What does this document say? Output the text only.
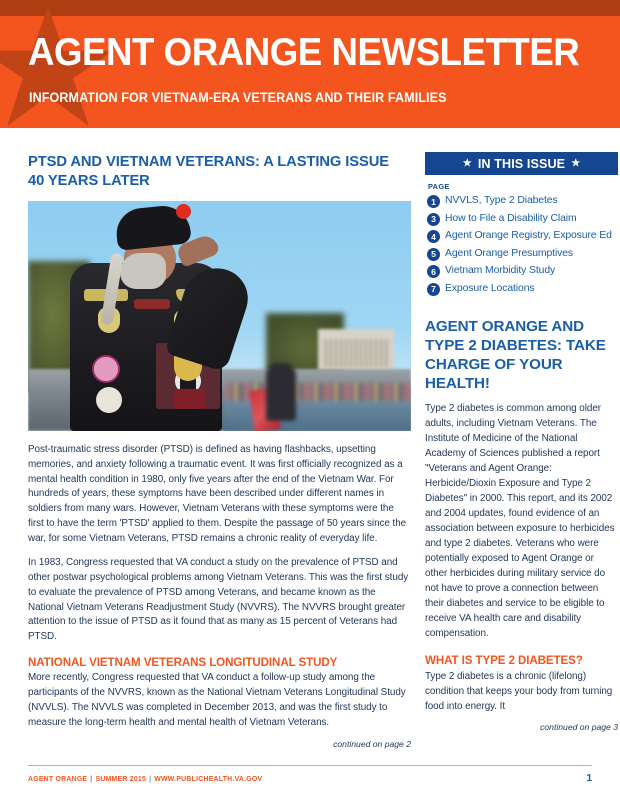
AGENT ORANGE NEWSLETTER
INFORMATION FOR VIETNAM-ERA VETERANS AND THEIR FAMILIES
PTSD AND VIETNAM VETERANS: A LASTING ISSUE 40 YEARS LATER

Post-traumatic stress disorder (PTSD) is defined as having flashbacks, upsetting memories, and anxiety following a traumatic event. It was first officially recognized as a mental health condition in 1980, only five years after the end of the Vietnam War. For hundreds of years, these symptoms have been described under different names in soldiers from many wars. However, Vietnam Veterans with these symptoms were the first to have the term 'PTSD' applied to them. Despite the passage of 50 years since the war, for some Vietnam Veterans, PTSD remains a chronic reality of everyday life.

In 1983, Congress requested that VA conduct a study on the prevalence of PTSD and other postwar psychological problems among Vietnam Veterans. This was the first study to evaluate the prevalence of PTSD among Veterans, and became known as the National Vietnam Veterans Readjustment Study (NVVRS). The NVVRS brought greater attention to the issue of PTSD as it found that as many as 15 percent of Veterans had PTSD.

NATIONAL VIETNAM VETERANS LONGITUDINAL STUDY

More recently, Congress requested that VA conduct a follow-up study among the participants of the NVVRS, known as the National Vietnam Veterans Longitudinal Study (NVVLS). The NVVLS was completed in December 2013, and was the first study to measure the long-term health and mental health of Vietnam Veterans.

continued on page 2
★ IN THIS ISSUE ★
PAGE
1 NVVLS, Type 2 Diabetes
3 How to File a Disability Claim
4 Agent Orange Registry, Exposure Ed
5 Agent Orange Presumptives
6 Vietnam Morbidity Study
7 Exposure Locations
AGENT ORANGE AND TYPE 2 DIABETES: TAKE CHARGE OF YOUR HEALTH!

Type 2 diabetes is common among older adults, including Vietnam Veterans. The Institute of Medicine of the National Academy of Sciences published a report "Veterans and Agent Orange: Herbicide/Dioxin Exposure and Type 2 Diabetes" in 2000. This report, and its 2002 and 2004 updates, found evidence of an association between exposure to herbicides and type 2 diabetes. Veterans who were potentially exposed to Agent Orange or other herbicides during military service do not have to prove a connection between their diabetes and service to be eligible to receive VA health care and disability compensation.

WHAT IS TYPE 2 DIABETES?

Type 2 diabetes is a chronic (lifelong) condition that keeps your body from turning food into energy. It

continued on page 3
AGENT ORANGE | SUMMER 2015 | WWW.PUBLICHEALTH.VA.GOV	1
